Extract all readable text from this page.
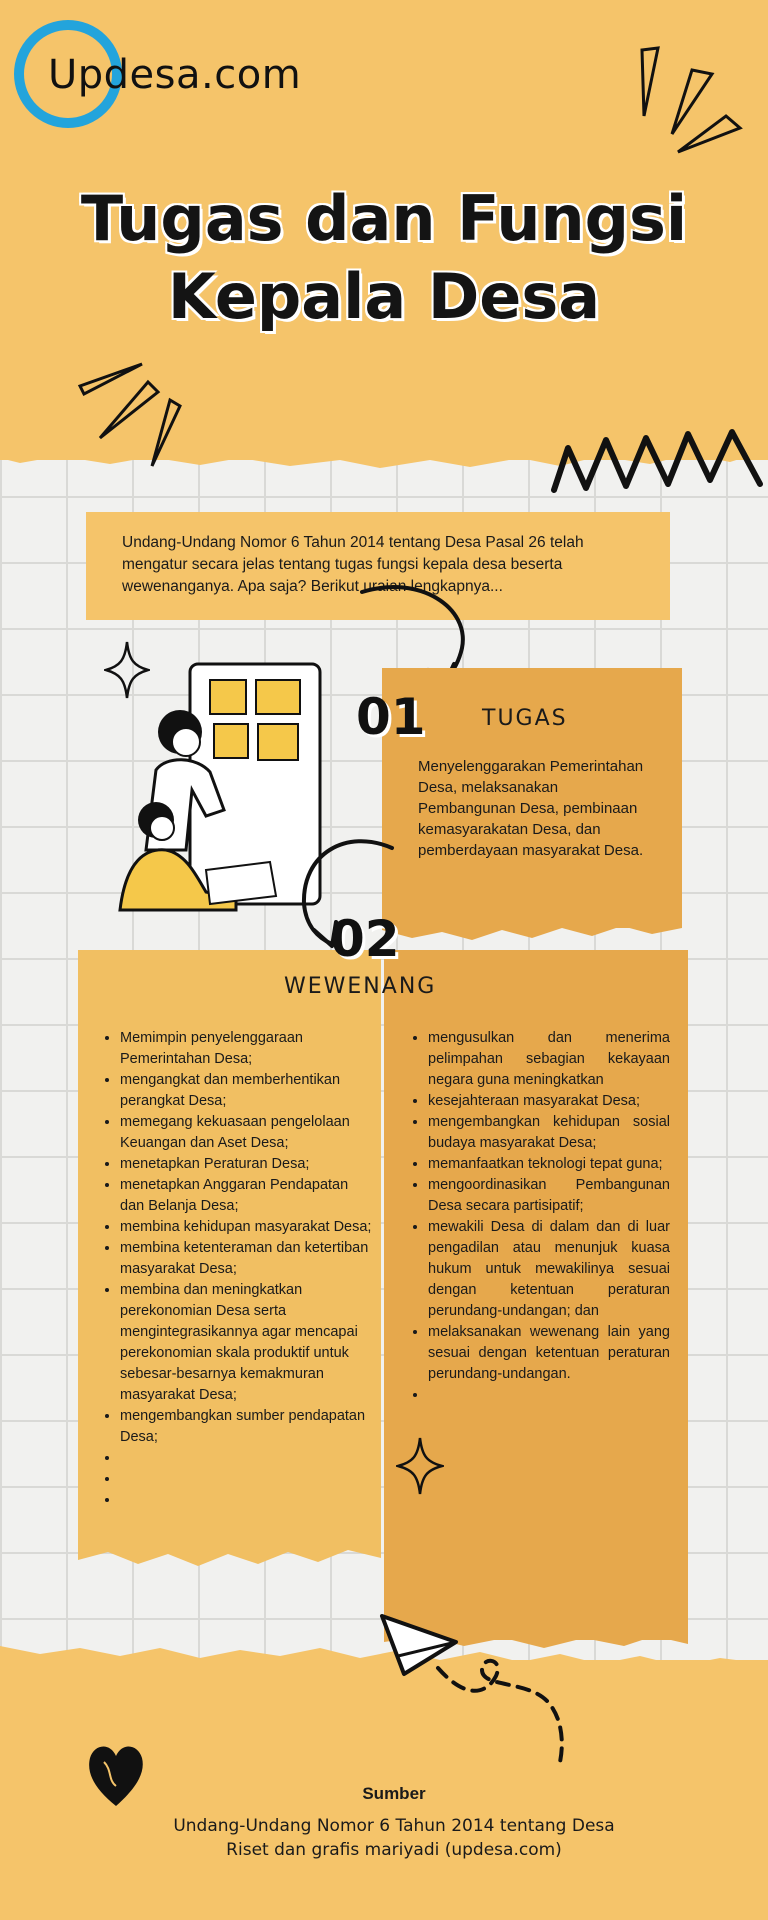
Updesa.com
Tugas dan Fungsi
Kepala Desa
Undang-Undang Nomor 6 Tahun 2014 tentang Desa Pasal 26 telah mengatur secara jelas tentang tugas fungsi kepala desa beserta wewenanganya. Apa saja? Berikut uraian lengkapnya...
01	TUGAS
Menyelenggarakan Pemerintahan Desa, melaksanakan Pembangunan Desa, pembinaan kemasyarakatan Desa, dan pemberdayaan masyarakat Desa.
02
WEWENANG
• Memimpin penyelenggaraan Pemerintahan Desa;
• mengangkat dan memberhentikan perangkat Desa;
• memegang kekuasaan pengelolaan Keuangan dan Aset Desa;
• menetapkan Peraturan Desa;
• menetapkan Anggaran Pendapatan dan Belanja Desa;
• membina kehidupan masyarakat Desa;
• membina ketenteraman dan ketertiban masyarakat Desa;
• membina dan meningkatkan perekonomian Desa serta mengintegrasikannya agar mencapai perekonomian skala produktif untuk sebesar-besarnya kemakmuran masyarakat Desa;
• mengembangkan sumber pendapatan Desa;
•
•
•
• mengusulkan dan menerima pelimpahan sebagian kekayaan negara guna meningkatkan
• kesejahteraan masyarakat Desa;
• mengembangkan kehidupan sosial budaya masyarakat Desa;
• memanfaatkan teknologi tepat guna;
• mengoordinasikan Pembangunan Desa secara partisipatif;
• mewakili Desa di dalam dan di luar pengadilan atau menunjuk kuasa hukum untuk mewakilinya sesuai dengan ketentuan peraturan perundang-undangan; dan
• melaksanakan wewenang lain yang sesuai dengan ketentuan peraturan perundang-undangan.
•
Sumber
Undang-Undang Nomor 6 Tahun 2014 tentang Desa
Riset dan grafis mariyadi (updesa.com)
